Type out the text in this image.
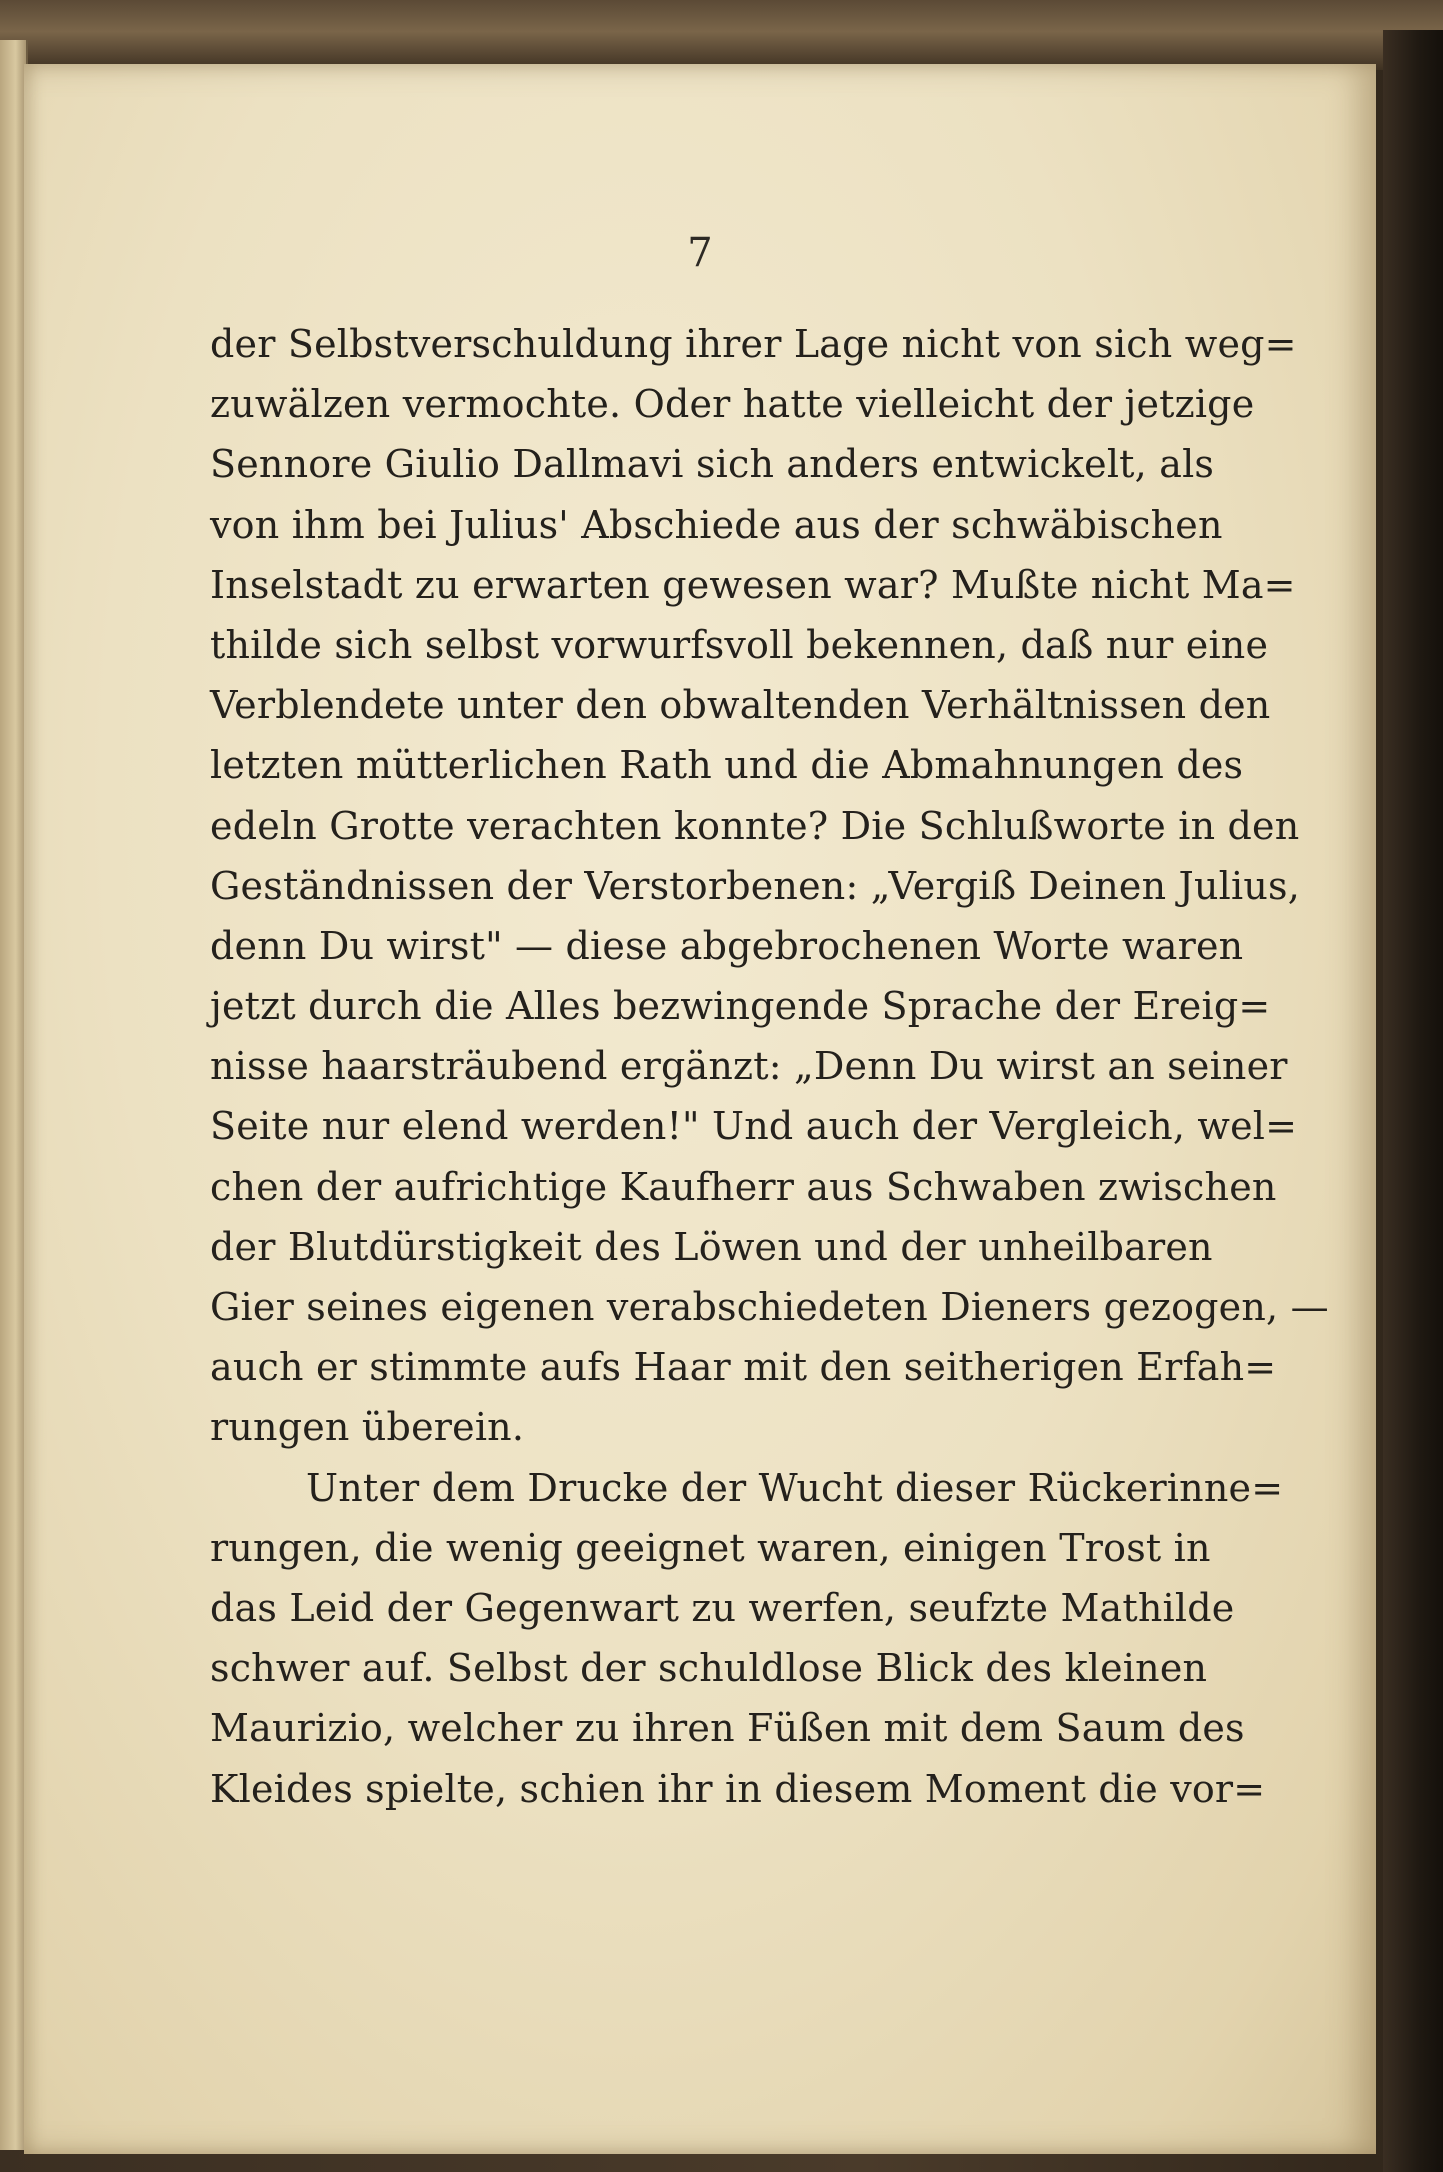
7
der Selbstverschuldung ihrer Lage nicht von sich weg=
zuwälzen vermochte. Oder hatte vielleicht der jetzige
Sennore Giulio Dallmavi sich anders entwickelt, als
von ihm bei Julius' Abschiede aus der schwäbischen
Inselstadt zu erwarten gewesen war? Mußte nicht Ma=
thilde sich selbst vorwurfsvoll bekennen, daß nur eine
Verblendete unter den obwaltenden Verhältnissen den
letzten mütterlichen Rath und die Abmahnungen des
edeln Grotte verachten konnte? Die Schlußworte in den
Geständnissen der Verstorbenen: „Vergiß Deinen Julius,
denn Du wirst" — diese abgebrochenen Worte waren
jetzt durch die Alles bezwingende Sprache der Ereig=
nisse haarsträubend ergänzt: „Denn Du wirst an seiner
Seite nur elend werden!" Und auch der Vergleich, wel=
chen der aufrichtige Kaufherr aus Schwaben zwischen
der Blutdürstigkeit des Löwen und der unheilbaren
Gier seines eigenen verabschiedeten Dieners gezogen, —
auch er stimmte aufs Haar mit den seitherigen Erfah=
rungen überein.
Unter dem Drucke der Wucht dieser Rückerinne=
rungen, die wenig geeignet waren, einigen Trost in
das Leid der Gegenwart zu werfen, seufzte Mathilde
schwer auf. Selbst der schuldlose Blick des kleinen
Maurizio, welcher zu ihren Füßen mit dem Saum des
Kleides spielte, schien ihr in diesem Moment die vor=
